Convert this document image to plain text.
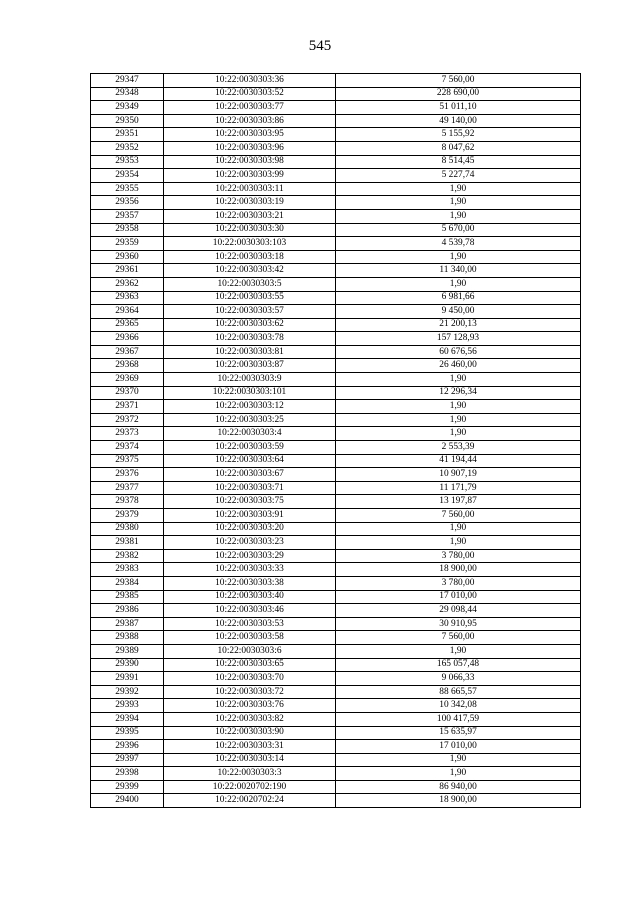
545
29347	10:22:0030303:36	7 560,00
29348	10:22:0030303:52	228 690,00
29349	10:22:0030303:77	51 011,10
29350	10:22:0030303:86	49 140,00
29351	10:22:0030303:95	5 155,92
29352	10:22:0030303:96	8 047,62
29353	10:22:0030303:98	8 514,45
29354	10:22:0030303:99	5 227,74
29355	10:22:0030303:11	1,90
29356	10:22:0030303:19	1,90
29357	10:22:0030303:21	1,90
29358	10:22:0030303:30	5 670,00
29359	10:22:0030303:103	4 539,78
29360	10:22:0030303:18	1,90
29361	10:22:0030303:42	11 340,00
29362	10:22:0030303:5	1,90
29363	10:22:0030303:55	6 981,66
29364	10:22:0030303:57	9 450,00
29365	10:22:0030303:62	21 200,13
29366	10:22:0030303:78	157 128,93
29367	10:22:0030303:81	60 676,56
29368	10:22:0030303:87	26 460,00
29369	10:22:0030303:9	1,90
29370	10:22:0030303:101	12 296,34
29371	10:22:0030303:12	1,90
29372	10:22:0030303:25	1,90
29373	10:22:0030303:4	1,90
29374	10:22:0030303:59	2 553,39
29375	10:22:0030303:64	41 194,44
29376	10:22:0030303:67	10 907,19
29377	10:22:0030303:71	11 171,79
29378	10:22:0030303:75	13 197,87
29379	10:22:0030303:91	7 560,00
29380	10:22:0030303:20	1,90
29381	10:22:0030303:23	1,90
29382	10:22:0030303:29	3 780,00
29383	10:22:0030303:33	18 900,00
29384	10:22:0030303:38	3 780,00
29385	10:22:0030303:40	17 010,00
29386	10:22:0030303:46	29 098,44
29387	10:22:0030303:53	30 910,95
29388	10:22:0030303:58	7 560,00
29389	10:22:0030303:6	1,90
29390	10:22:0030303:65	165 057,48
29391	10:22:0030303:70	9 066,33
29392	10:22:0030303:72	88 665,57
29393	10:22:0030303:76	10 342,08
29394	10:22:0030303:82	100 417,59
29395	10:22:0030303:90	15 635,97
29396	10:22:0030303:31	17 010,00
29397	10:22:0030303:14	1,90
29398	10:22:0030303:3	1,90
29399	10:22:0020702:190	86 940,00
29400	10:22:0020702:24	18 900,00
